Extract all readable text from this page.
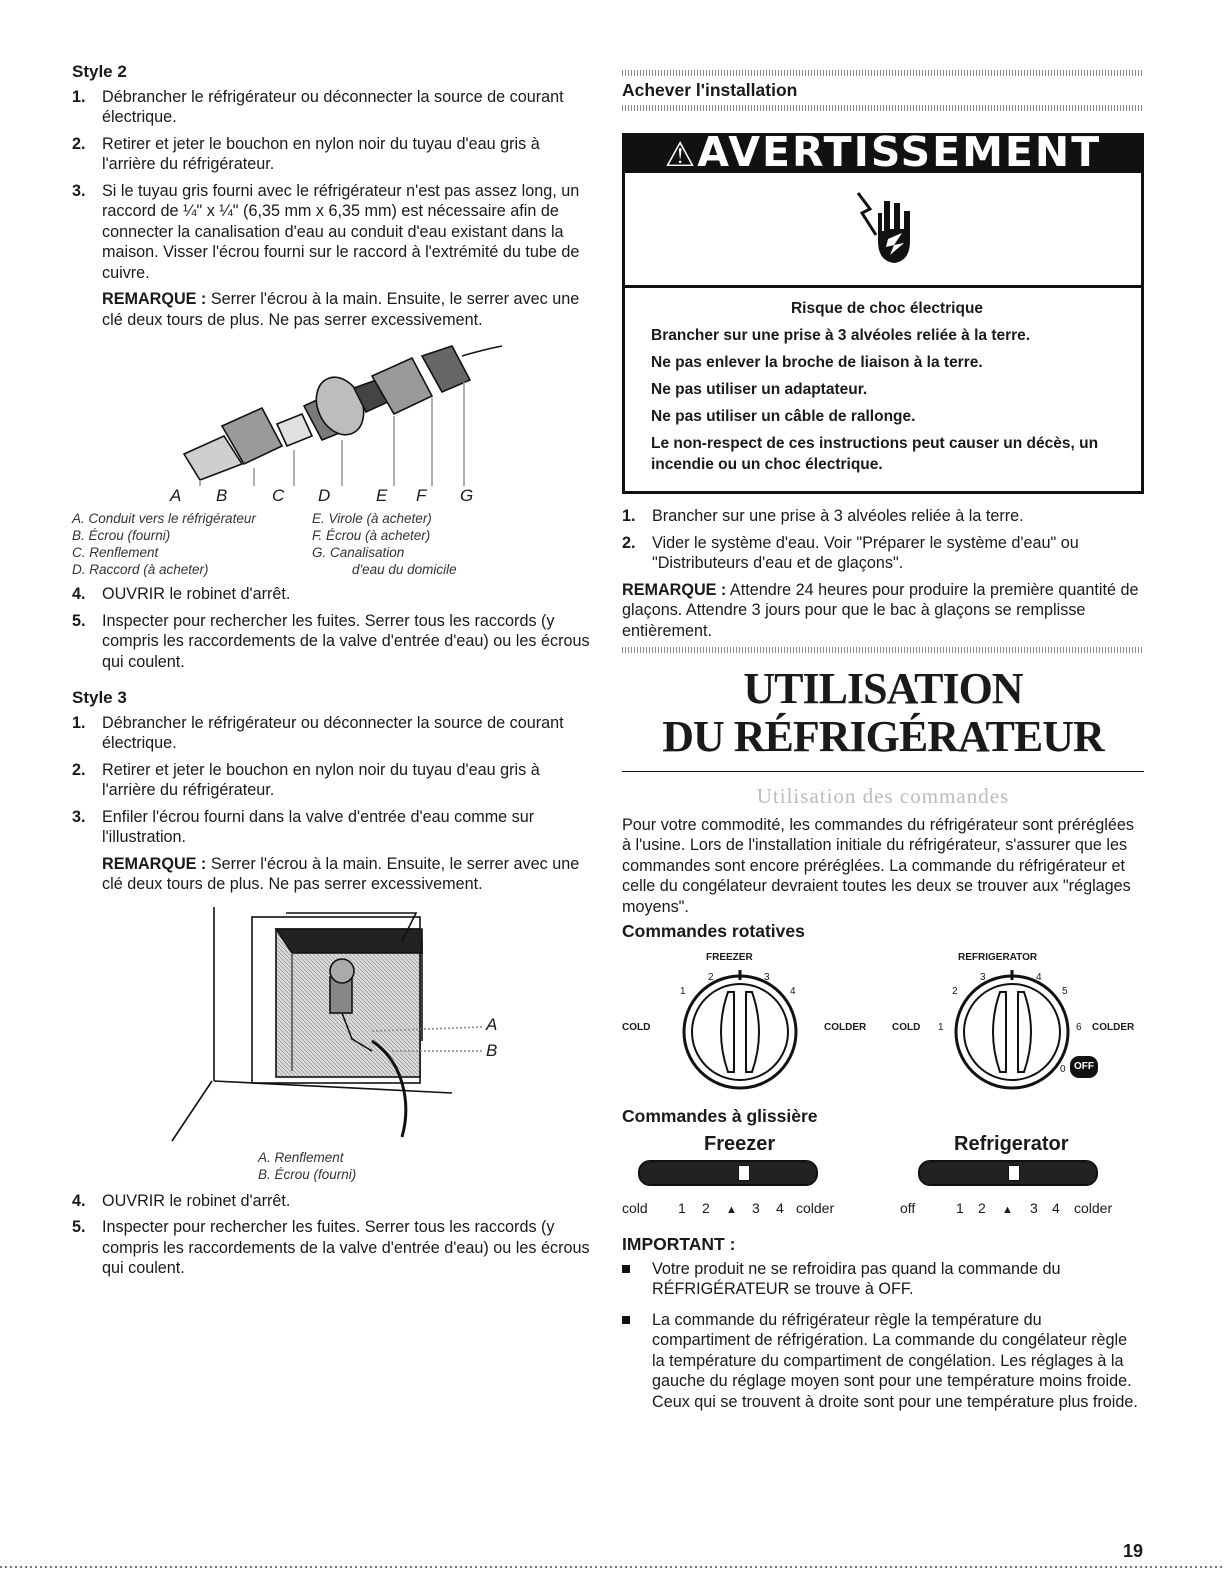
Style 2
1. Débrancher le réfrigérateur ou déconnecter la source de courant électrique.
2. Retirer et jeter le bouchon en nylon noir du tuyau d'eau gris à l'arrière du réfrigérateur.
3. Si le tuyau gris fourni avec le réfrigérateur n'est pas assez long, un raccord de ¼" x ¼" (6,35 mm x 6,35 mm) est nécessaire afin de connecter la canalisation d'eau au conduit d'eau existant dans la maison. Visser l'écrou fourni sur le raccord à l'extrémité du tube de cuivre.

REMARQUE : Serrer l'écrou à la main. Ensuite, le serrer avec une clé deux tours de plus. Ne pas serrer excessivement.

A B	C D	E F G
A. Conduit vers le réfrigérateur
B. Écrou (fourni)
C. Renflement
D. Raccord (à acheter)
E. Virole (à acheter)
F. Écrou (à acheter)
G. Canalisation
d'eau du domicile
4. OUVRIR le robinet d'arrêt.
5. Inspecter pour rechercher les fuites. Serrer tous les raccords (y compris les raccordements de la valve d'entrée d'eau) ou les écrous qui coulent.
Style 3
1. Débrancher le réfrigérateur ou déconnecter la source de courant électrique.
2. Retirer et jeter le bouchon en nylon noir du tuyau d'eau gris à l'arrière du réfrigérateur.
3. Enfiler l'écrou fourni dans la valve d'entrée d'eau comme sur l'illustration.

REMARQUE : Serrer l'écrou à la main. Ensuite, le serrer avec une clé deux tours de plus. Ne pas serrer excessivement.

A
B
A. Renflement
B. Écrou (fourni)
4. OUVRIR le robinet d'arrêt.
5. Inspecter pour rechercher les fuites. Serrer tous les raccords (y compris les raccordements de la valve d'entrée d'eau) ou les écrous qui coulent.
Achever l'installation
⚠AVERTISSEMENT

Risque de choc électrique

Brancher sur une prise à 3 alvéoles reliée à la terre.

Ne pas enlever la broche de liaison à la terre.

Ne pas utiliser un adaptateur.

Ne pas utiliser un câble de rallonge.

Le non-respect de ces instructions peut causer un décès, un incendie ou un choc électrique.

1. Brancher sur une prise à 3 alvéoles reliée à la terre.
2. Vider le système d'eau. Voir "Préparer le système d'eau" ou "Distributeurs d'eau et de glaçons".

REMARQUE : Attendre 24 heures pour produire la première quantité de glaçons. Attendre 3 jours pour que le bac à glaçons se remplisse entièrement.

UTILISATION
DU RÉFRIGÉRATEUR
Utilisation des commandes

Pour votre commodité, les commandes du réfrigérateur sont préréglées à l'usine. Lors de l'installation initiale du réfrigérateur, s'assurer que les commandes sont encore préréglées. La commande du réfrigérateur et celle du congélateur devraient toutes les deux se trouver aux "réglages moyens".

Commandes rotatives
FREEZER	REFRIGERATOR
COLD	COLDER	COLD	COLDER
1
2	3
4
1
2
3	4
5
6
0 OFF
Commandes à glissière
Freezer	Refrigerator
cold 1 2 ▲ 3 4 colder	off	1 2 ▲ 3 4 colder
IMPORTANT :
Votre produit ne se refroidira pas quand la commande du RÉFRIGÉRATEUR se trouve à OFF.
La commande du réfrigérateur règle la température du compartiment de réfrigération. La commande du congélateur règle la température du compartiment de congélation. Les réglages à la gauche du réglage moyen sont pour une température moins froide. Ceux qui se trouvent à droite sont pour une température plus froide.
19
